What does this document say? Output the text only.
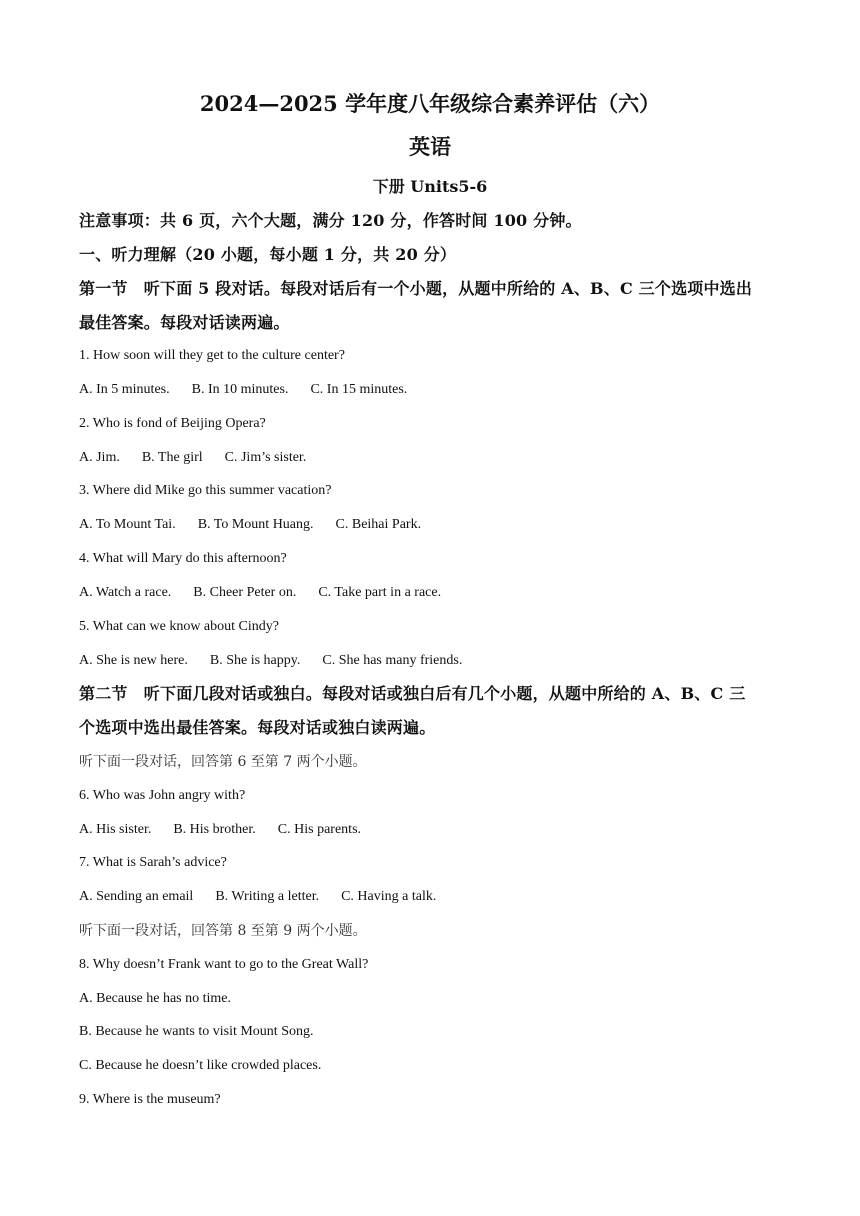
2024—2025 学年度八年级综合素养评估（六）
英语
下册 Units5-6
注意事项：共 6 页，六个大题，满分 120 分，作答时间 100 分钟。
一、听力理解（20 小题，每小题 1 分，共 20 分）
第一节　听下面 5 段对话。每段对话后有一个小题，从题中所给的 A、B、C 三个选项中选出
最佳答案。每段对话读两遍。
1. How soon will they get to the culture center?
A. In 5 minutes. B. In 10 minutes. C. In 15 minutes.
2. Who is fond of Beijing Opera?
A. Jim. B. The girl C. Jim’s sister.
3. Where did Mike go this summer vacation?
A. To Mount Tai. B. To Mount Huang. C. Beihai Park.
4. What will Mary do this afternoon?
A. Watch a race. B. Cheer Peter on. C. Take part in a race.
5. What can we know about Cindy?
A. She is new here. B. She is happy. C. She has many friends.
第二节　听下面几段对话或独白。每段对话或独白后有几个小题，从题中所给的 A、B、C 三
个选项中选出最佳答案。每段对话或独白读两遍。
听下面一段对话，回答第 6 至第 7 两个小题。
6. Who was John angry with?
A. His sister. B. His brother. C. His parents.
7. What is Sarah’s advice?
A. Sending an email B. Writing a letter. C. Having a talk.
听下面一段对话，回答第 8 至第 9 两个小题。
8. Why doesn’t Frank want to go to the Great Wall?
A. Because he has no time.
B. Because he wants to visit Mount Song.
C. Because he doesn’t like crowded places.
9. Where is the museum?
